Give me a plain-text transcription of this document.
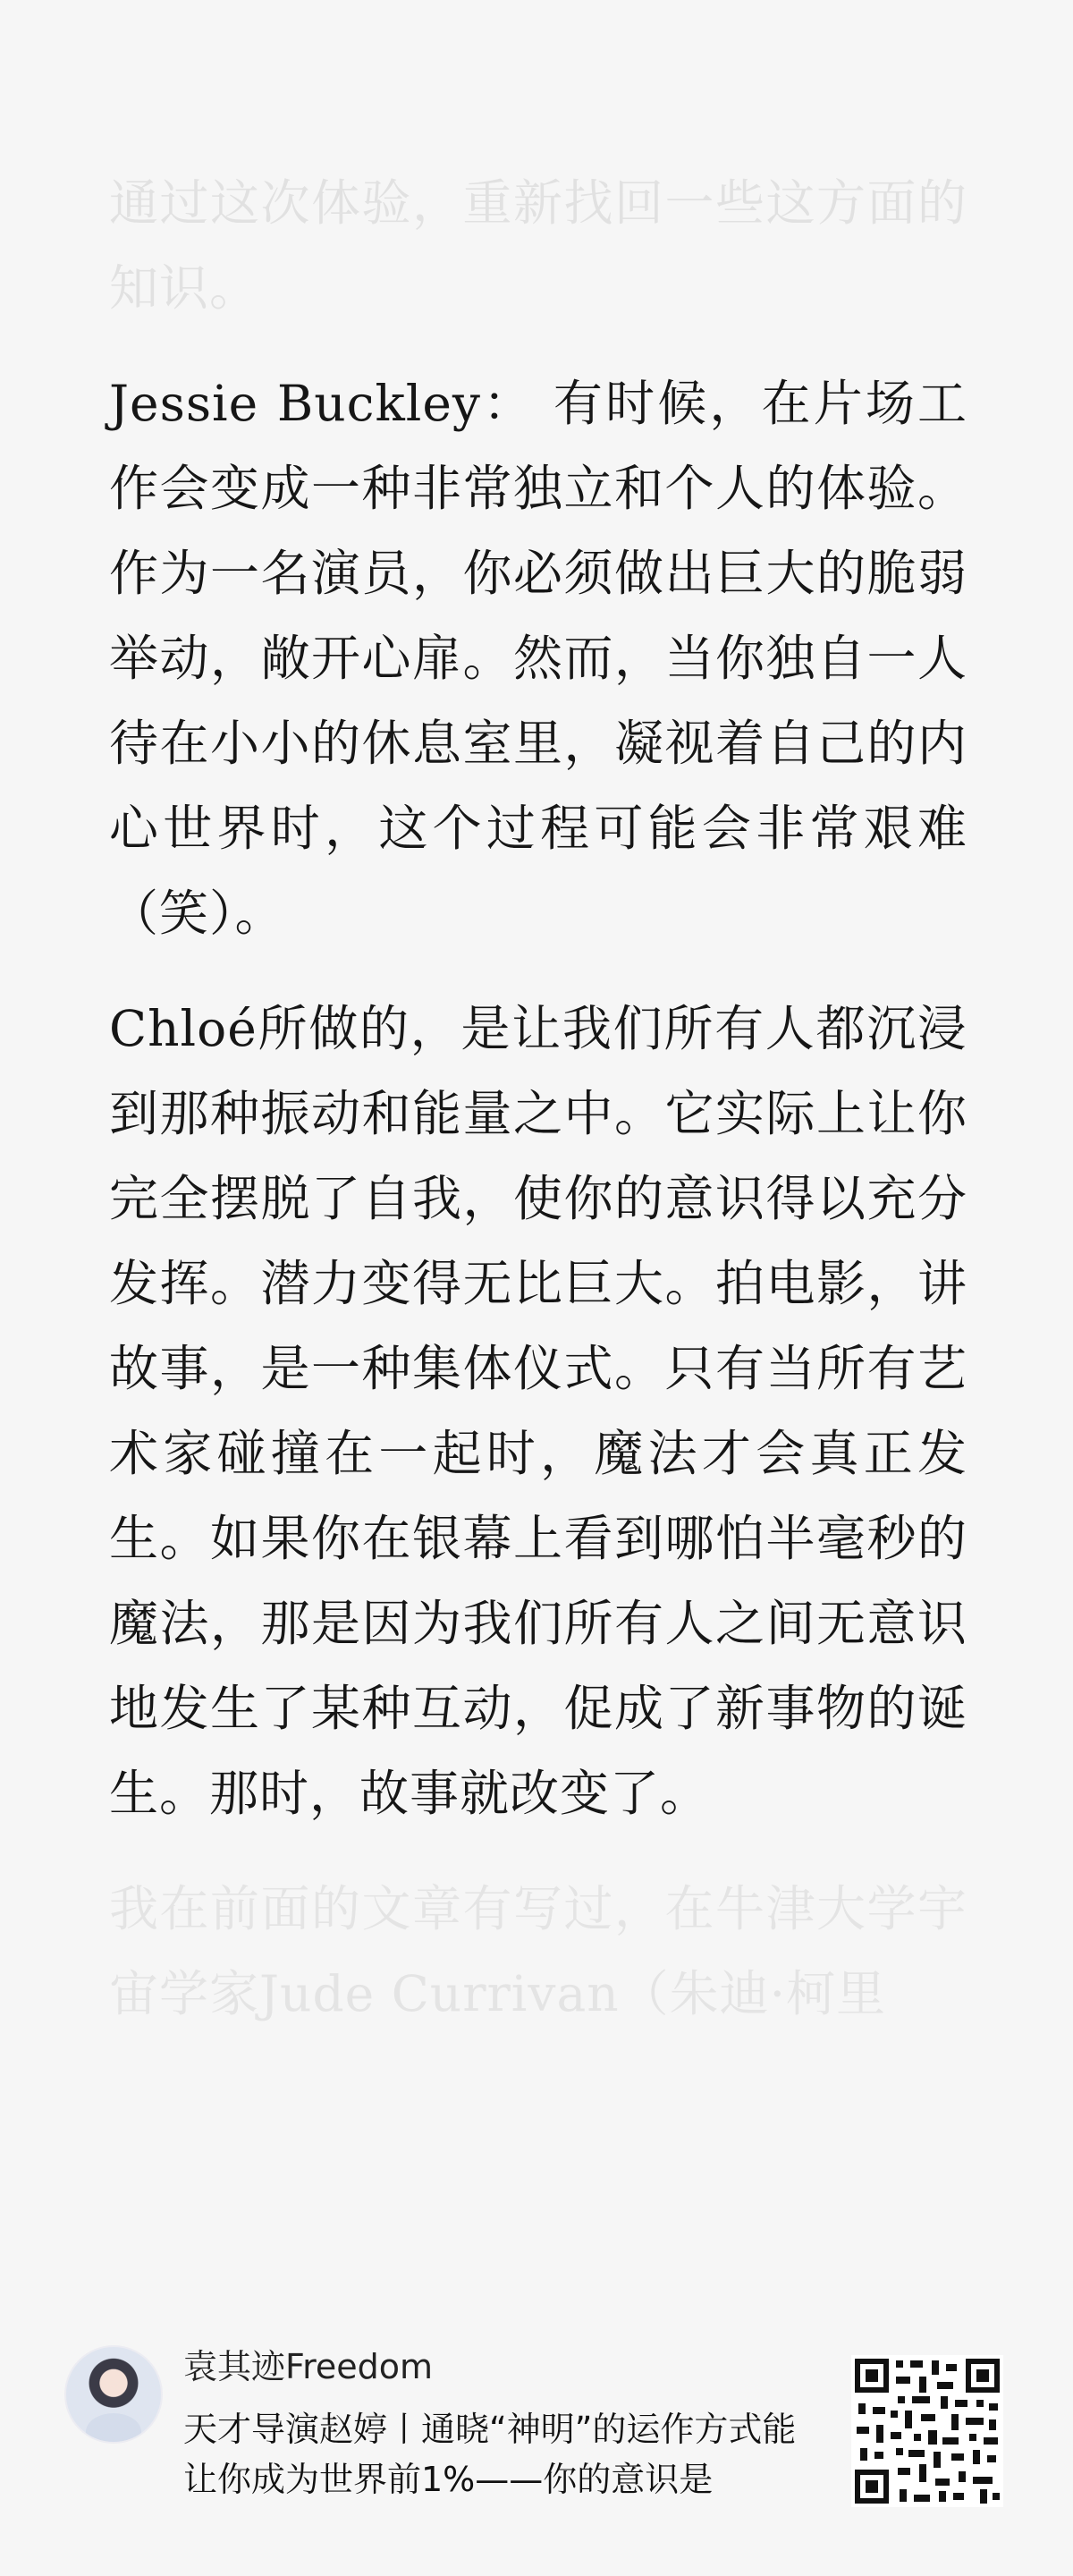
通过这次体验，重新找回一些这方面的知识。

Jessie Buckley： 有时候，在片场工作会变成一种非常独立和个人的体验。作为一名演员，你必须做出巨大的脆弱举动，敞开心扉。然而，当你独自一人待在小小的休息室里，凝视着自己的内心世界时，这个过程可能会非常艰难（笑）。

Chloé所做的，是让我们所有人都沉浸到那种振动和能量之中。它实际上让你完全摆脱了自我，使你的意识得以充分发挥。潜力变得无比巨大。拍电影，讲故事，是一种集体仪式。只有当所有艺术家碰撞在一起时，魔法才会真正发生。如果你在银幕上看到哪怕半毫秒的魔法，那是因为我们所有人之间无意识地发生了某种互动，促成了新事物的诞生。那时，故事就改变了。

我在前面的文章有写过，在牛津大学宇宙学家Jude Currivan（朱迪·柯里

袁其迹Freedom
天才导演赵婷丨通晓“神明”的运作方式能让你成为世界前1%——你的意识是
